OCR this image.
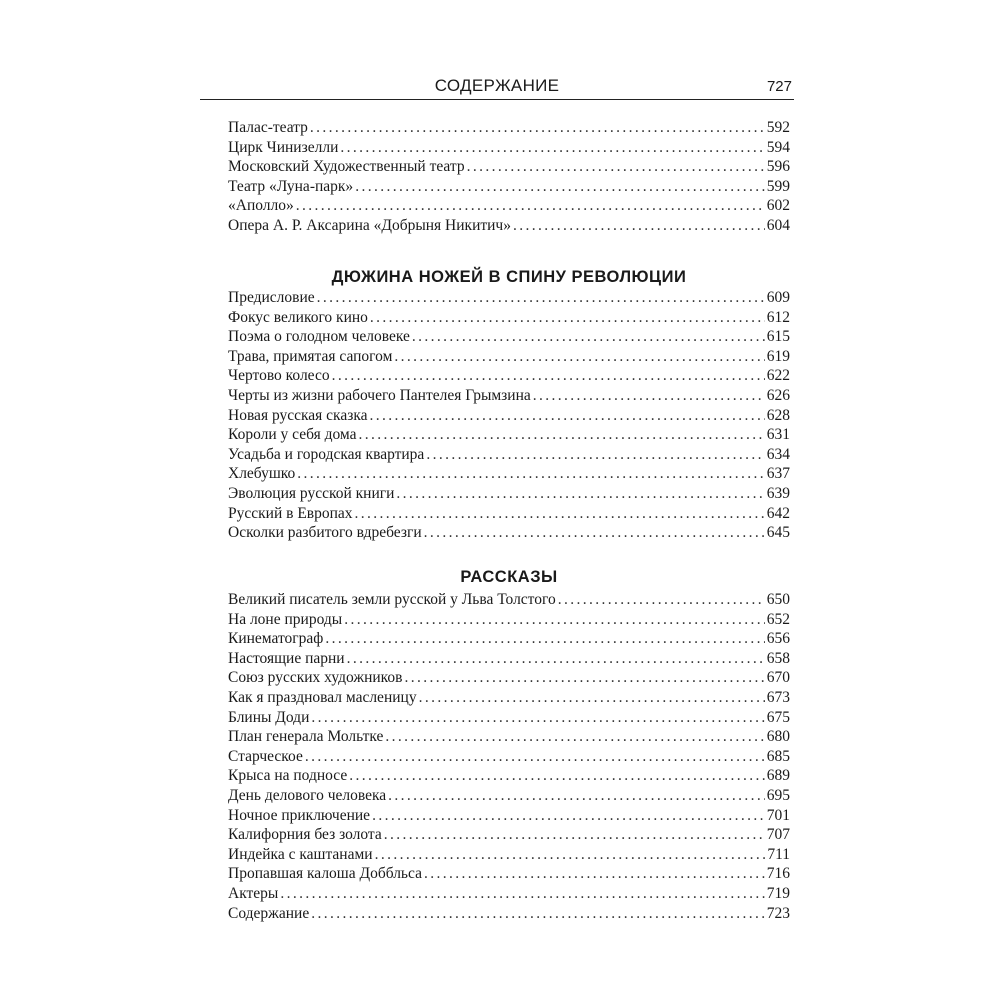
СОДЕРЖАНИЕ	727
Палас-театр . . .	592
Цирк Чинизелли . . .	594
Московский Художественный театр . . .	596
Театр «Луна-парк» . . .	599
«Аполло» . . .	602
Опера А. Р. Аксарина «Добрыня Никитич» . . .	604
ДЮЖИНА НОЖЕЙ В СПИНУ РЕВОЛЮЦИИ
Предисловие . . .	609
Фокус великого кино . . .	612
Поэма о голодном человеке . . .	615
Трава, примятая сапогом . . .	619
Чертово колесо . . .	622
Черты из жизни рабочего Пантелея Грымзина . . .	626
Новая русская сказка . . .	628
Короли у себя дома . . .	631
Усадьба и городская квартира . . .	634
Хлебушко . . .	637
Эволюция русской книги . . .	639
Русский в Европах . . .	642
Осколки разбитого вдребезги . . .	645
РАССКАЗЫ
Великий писатель земли русской у Льва Толстого . . .	650
На лоне природы . . .	652
Кинематограф . . .	656
Настоящие парни . . .	658
Союз русских художников . . .	670
Как я праздновал масленицу . . .	673
Блины Доди . . .	675
План генерала Мольтке . . .	680
Старческое . . .	685
Крыса на подносе . . .	689
День делового человека . . .	695
Ночное приключение . . .	701
Калифорния без золота . . .	707
Индейка с каштанами . . .	711
Пропавшая калоша Доббльса . . .	716
Актеры . . .	719
Содержание . . .	723
